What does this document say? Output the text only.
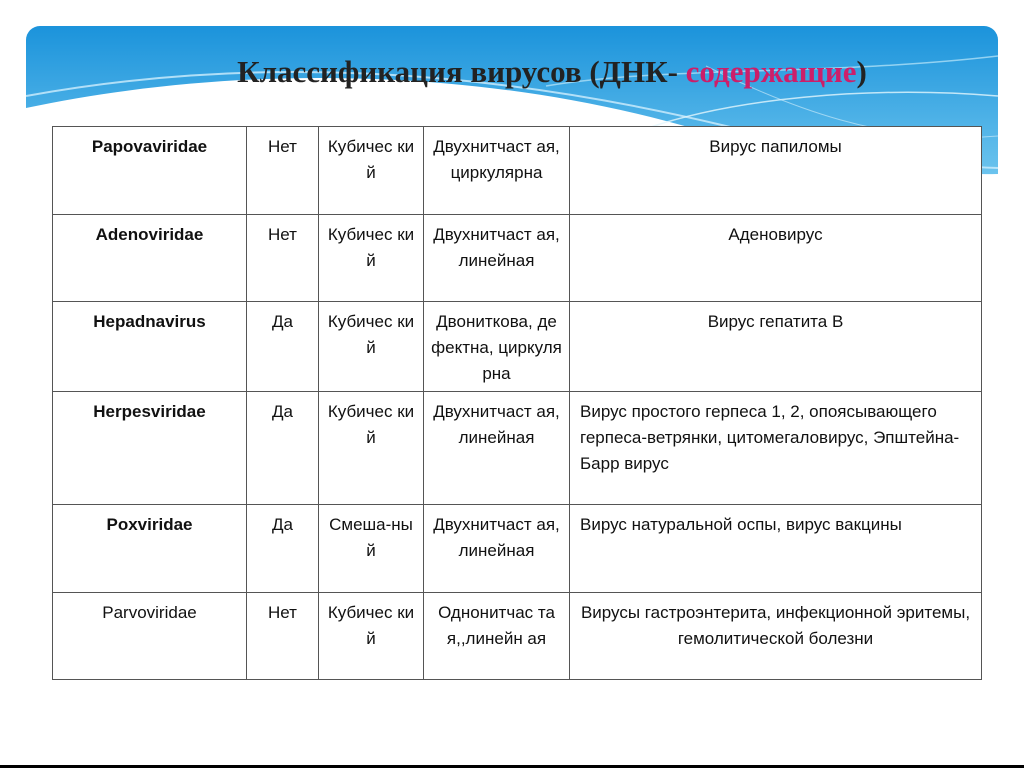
Классификация вирусов (ДНК- содержащие)
Papovaviridae	Нет	Кубичес кий	Двухнитчаст ая, циркулярна	Вирус папиломы
Adenoviridae	Нет	Кубичес кий	Двухнитчаст ая, линейная	Аденовирус
Hepadnavirus	Да	Кубичес кий	Двониткова, дефектна, циркулярна	Вирус гепатита В
Herpesviridae	Да	Кубичес кий	Двухнитчаст ая, линейная	Вирус простого герпеса 1, 2, опоясывающего герпеса-ветрянки, цитомегаловирус, Эпштейна-Барр вирус
Poxviridae	Да	Смеша-ный	Двухнитчаст ая, линейная	Вирус натуральной оспы, вирус вакцины
Parvoviridae	Нет	Кубичес кий	Однонитчас тая,,линейн ая	Вирусы гастроэнтерита, инфекционной эритемы, гемолитической болезни
